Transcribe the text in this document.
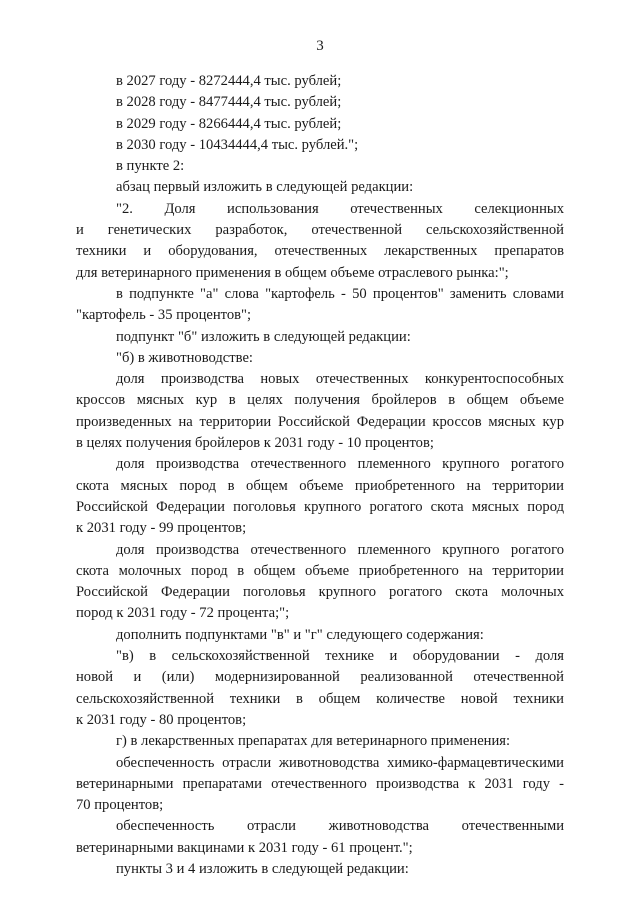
3
в 2027 году - 8272444,4 тыс. рублей;
в 2028 году - 8477444,4 тыс. рублей;
в 2029 году - 8266444,4 тыс. рублей;
в 2030 году - 10434444,4 тыс. рублей.";
в пункте 2:
абзац первый изложить в следующей редакции:
"2. Доля использования отечественных селекционных
и генетических разработок, отечественной сельскохозяйственной
техники и оборудования, отечественных лекарственных препаратов
для ветеринарного применения в общем объеме отраслевого рынка:";
в подпункте "а" слова "картофель - 50 процентов" заменить словами
"картофель - 35 процентов";
подпункт "б" изложить в следующей редакции:
"б) в животноводстве:
доля производства новых отечественных конкурентоспособных
кроссов мясных кур в целях получения бройлеров в общем объеме
произведенных на территории Российской Федерации кроссов мясных кур
в целях получения бройлеров к 2031 году - 10 процентов;
доля производства отечественного племенного крупного рогатого
скота мясных пород в общем объеме приобретенного на территории
Российской Федерации поголовья крупного рогатого скота мясных пород
к 2031 году - 99 процентов;
доля производства отечественного племенного крупного рогатого
скота молочных пород в общем объеме приобретенного на территории
Российской Федерации поголовья крупного рогатого скота молочных
пород к 2031 году - 72 процента;";
дополнить подпунктами "в" и "г" следующего содержания:
"в) в сельскохозяйственной технике и оборудовании - доля
новой и (или) модернизированной реализованной отечественной
сельскохозяйственной техники в общем количестве новой техники
к 2031 году - 80 процентов;
г) в лекарственных препаратах для ветеринарного применения:
обеспеченность отрасли животноводства химико-фармацевтическими
ветеринарными препаратами отечественного производства к 2031 году -
70 процентов;
обеспеченность отрасли животноводства отечественными
ветеринарными вакцинами к 2031 году - 61 процент.";
пункты 3 и 4 изложить в следующей редакции:
